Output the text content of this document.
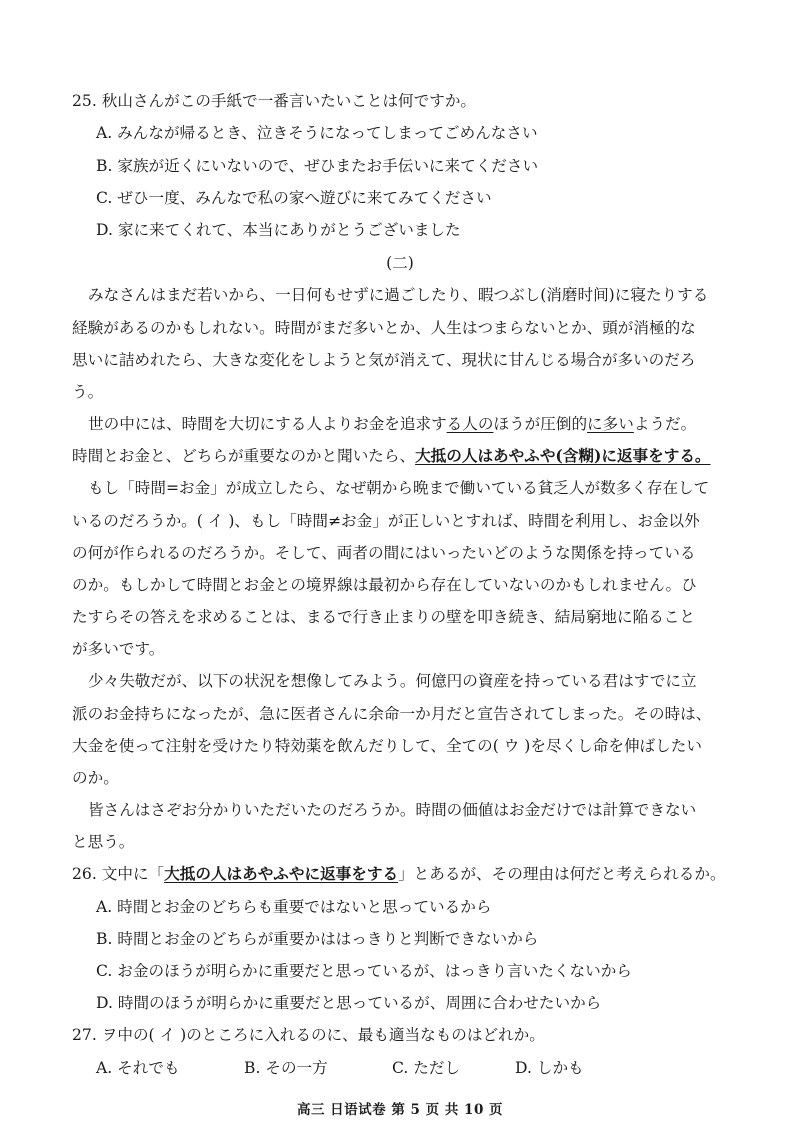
25. 秋山さんがこの手紙で一番言いたいことは何ですか。
A. みんなが帰るとき、泣きそうになってしまってごめんなさい
B. 家族が近くにいないので、ぜひまたお手伝いに来てください
C. ぜひ一度、みんなで私の家へ遊びに来てみてください
D. 家に来てくれて、本当にありがとうございました
(二)
みなさんはまだ若いから、一日何もせずに過ごしたり、暇つぶし(消磨时间)に寝たりする
経験があるのかもしれない。時間がまだ多いとか、人生はつまらないとか、頭が消極的な
思いに詰めれたら、大きな変化をしようと気が消えて、現状に甘んじる場合が多いのだろ
う。
世の中には、時間を大切にする人よりお金を追求する人のほうが圧倒的に多いようだ。
時間とお金と、どちらが重要なのかと聞いたら、大抵の人はあやふや(含糊)に返事をする。
もし「時間=お金」が成立したら、なぜ朝から晩まで働いている貧乏人が数多く存在して
いるのだろうか。( イ )、もし「時間≠お金」が正しいとすれば、時間を利用し、お金以外
の何が作られるのだろうか。そして、両者の間にはいったいどのような関係を持っている
のか。もしかして時間とお金との境界線は最初から存在していないのかもしれません。ひ
たすらその答えを求めることは、まるで行き止まりの壁を叩き続き、結局窮地に陥ること
が多いです。
少々失敬だが、以下の状況を想像してみよう。何億円の資産を持っている君はすでに立
派のお金持ちになったが、急に医者さんに余命一か月だと宣告されてしまった。その時は、
大金を使って注射を受けたり特効薬を飲んだりして、全ての( ウ )を尽くし命を伸ばしたい
のか。
皆さんはさぞお分かりいただいたのだろうか。時間の価値はお金だけでは計算できない
と思う。
26. 文中に「大抵の人はあやふやに返事をする」とあるが、その理由は何だと考えられるか。
A. 時間とお金のどちらも重要ではないと思っているから
B. 時間とお金のどちらが重要かははっきりと判断できないから
C. お金のほうが明らかに重要だと思っているが、はっきり言いたくないから
D. 時間のほうが明らかに重要だと思っているが、周囲に合わせたいから
27. ヲ中の( イ )のところに入れるのに、最も適当なものはどれか。
A. それでも	B. その一方	C. ただし	D. しかも
高三 日语试卷 第 5 页 共 10 页
